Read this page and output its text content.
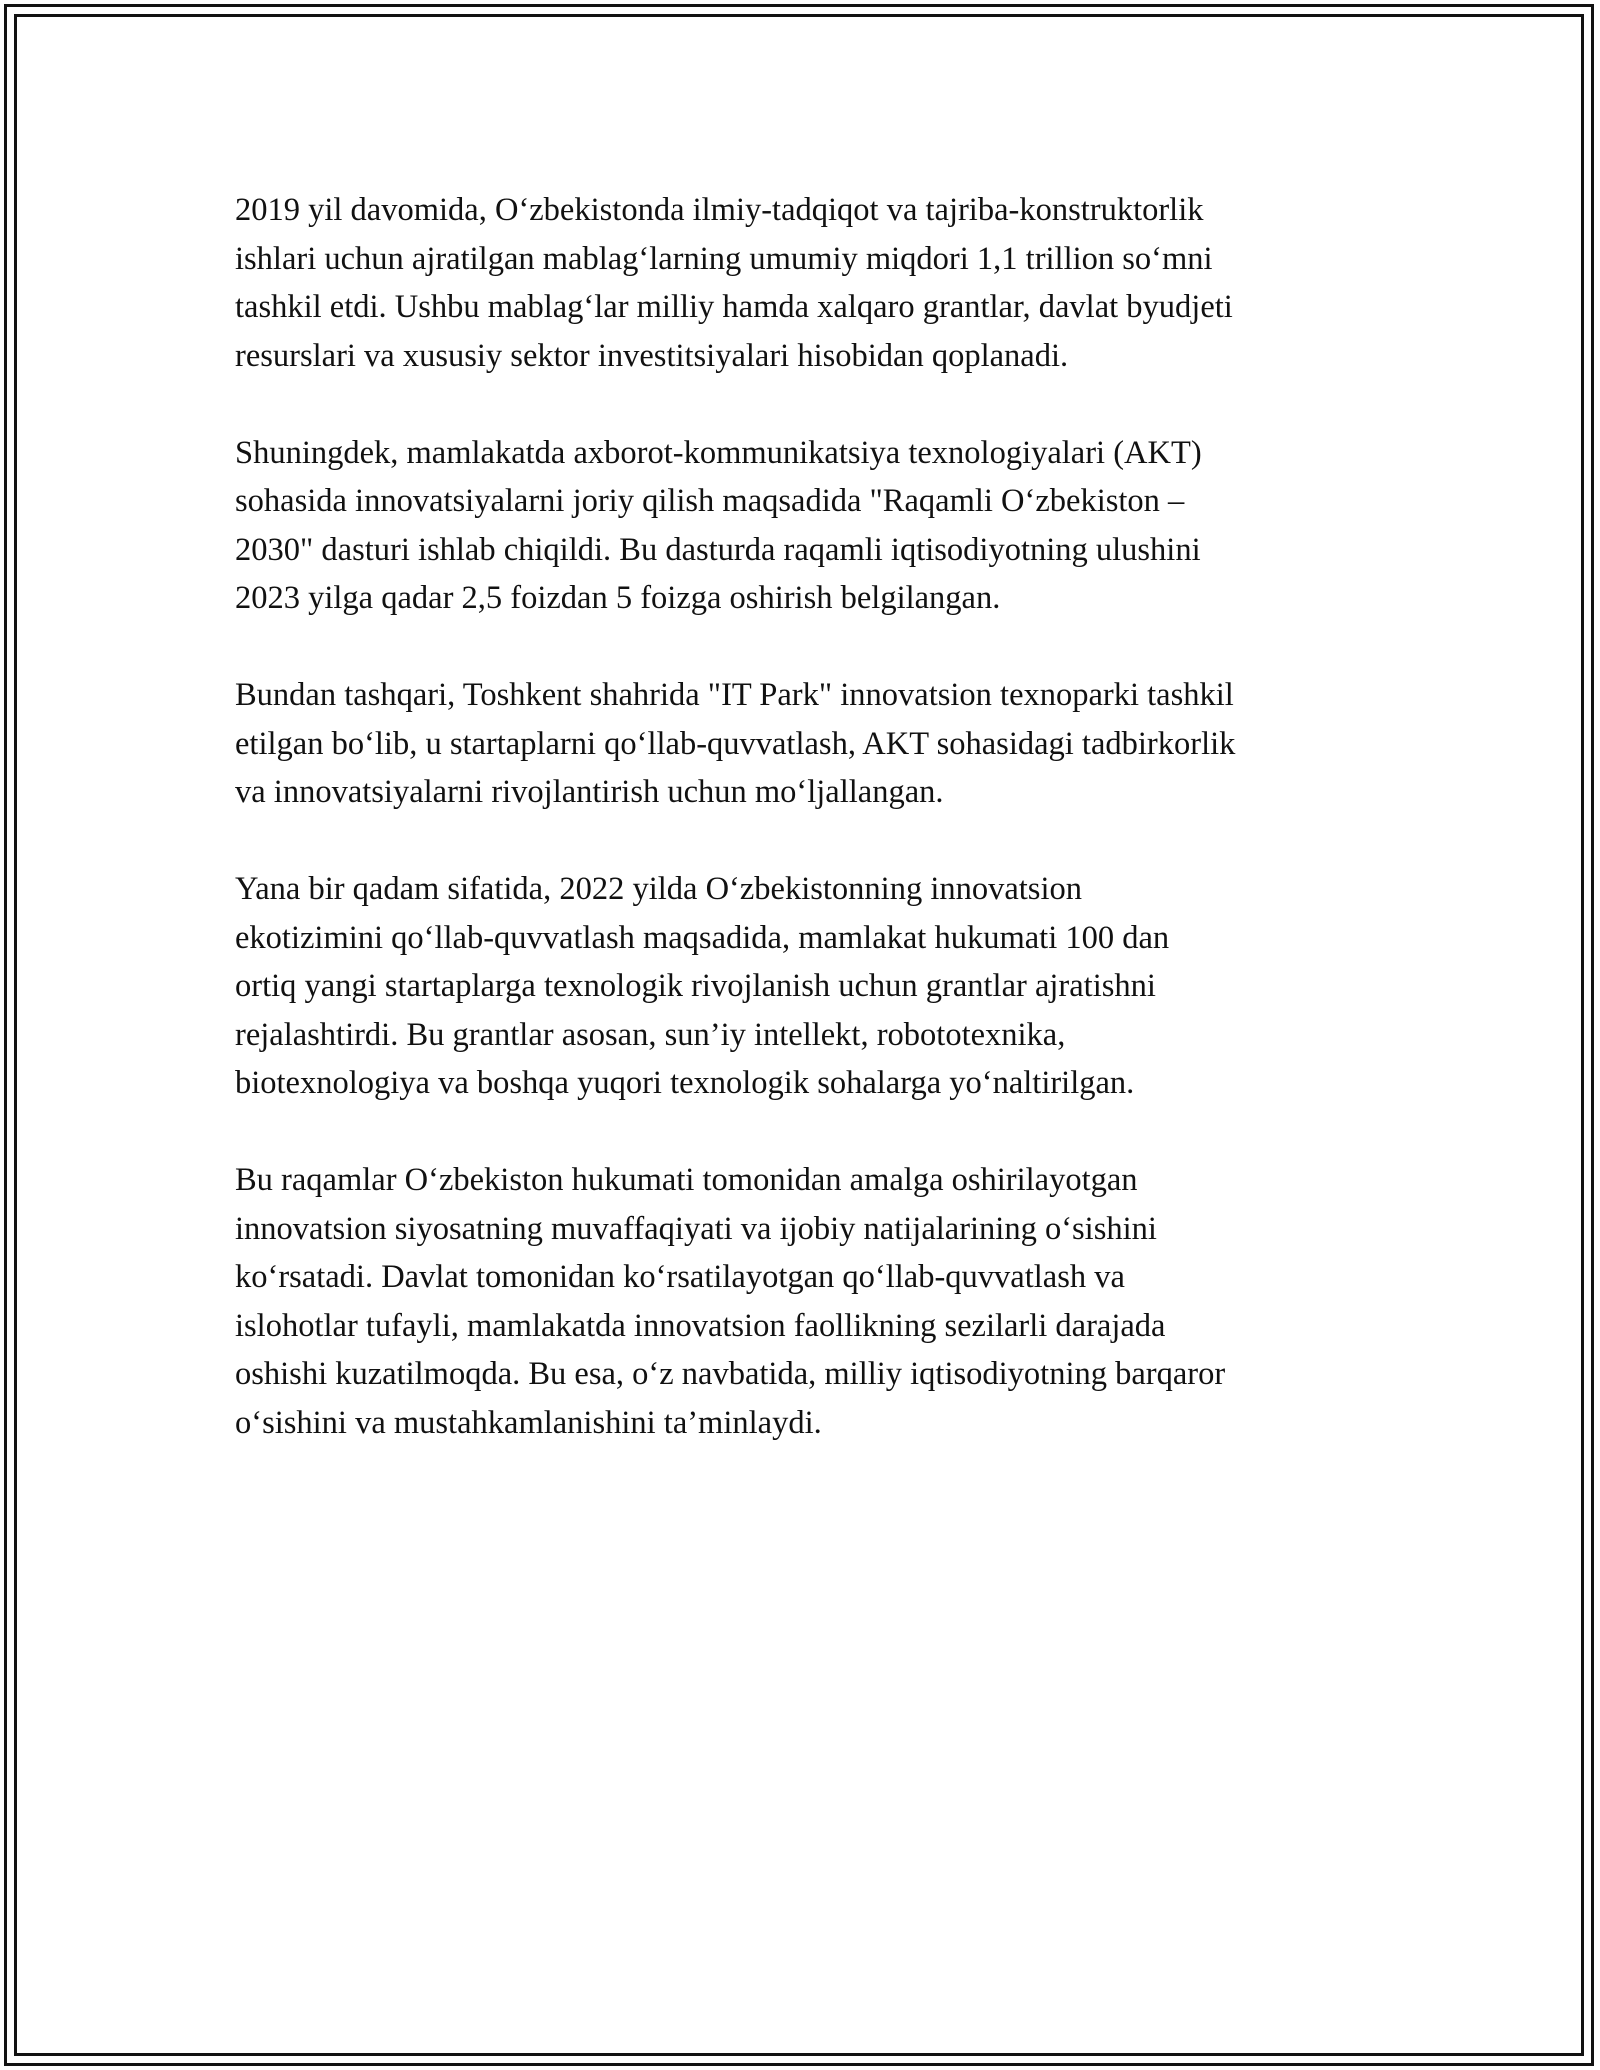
2019 yil davomida, O‘zbekistonda ilmiy-tadqiqot va tajriba-konstruktorlik
ishlari uchun ajratilgan mablag‘larning umumiy miqdori 1,1 trillion so‘mni
tashkil etdi. Ushbu mablag‘lar milliy hamda xalqaro grantlar, davlat byudjeti
resurslari va xususiy sektor investitsiyalari hisobidan qoplanadi.

Shuningdek, mamlakatda axborot-kommunikatsiya texnologiyalari (AKT)
sohasida innovatsiyalarni joriy qilish maqsadida "Raqamli O‘zbekiston –
2030" dasturi ishlab chiqildi. Bu dasturda raqamli iqtisodiyotning ulushini
2023 yilga qadar 2,5 foizdan 5 foizga oshirish belgilangan.

Bundan tashqari, Toshkent shahrida "IT Park" innovatsion texnoparki tashkil
etilgan bo‘lib, u startaplarni qo‘llab-quvvatlash, AKT sohasidagi tadbirkorlik
va innovatsiyalarni rivojlantirish uchun mo‘ljallangan.

Yana bir qadam sifatida, 2022 yilda O‘zbekistonning innovatsion
ekotizimini qo‘llab-quvvatlash maqsadida, mamlakat hukumati 100 dan
ortiq yangi startaplarga texnologik rivojlanish uchun grantlar ajratishni
rejalashtirdi. Bu grantlar asosan, sun’iy intellekt, robototexnika,
biotexnologiya va boshqa yuqori texnologik sohalarga yo‘naltirilgan.

Bu raqamlar O‘zbekiston hukumati tomonidan amalga oshirilayotgan
innovatsion siyosatning muvaffaqiyati va ijobiy natijalarining o‘sishini
ko‘rsatadi. Davlat tomonidan ko‘rsatilayotgan qo‘llab-quvvatlash va
islohotlar tufayli, mamlakatda innovatsion faollikning sezilarli darajada
oshishi kuzatilmoqda. Bu esa, o‘z navbatida, milliy iqtisodiyotning barqaror
o‘sishini va mustahkamlanishini ta’minlaydi.
